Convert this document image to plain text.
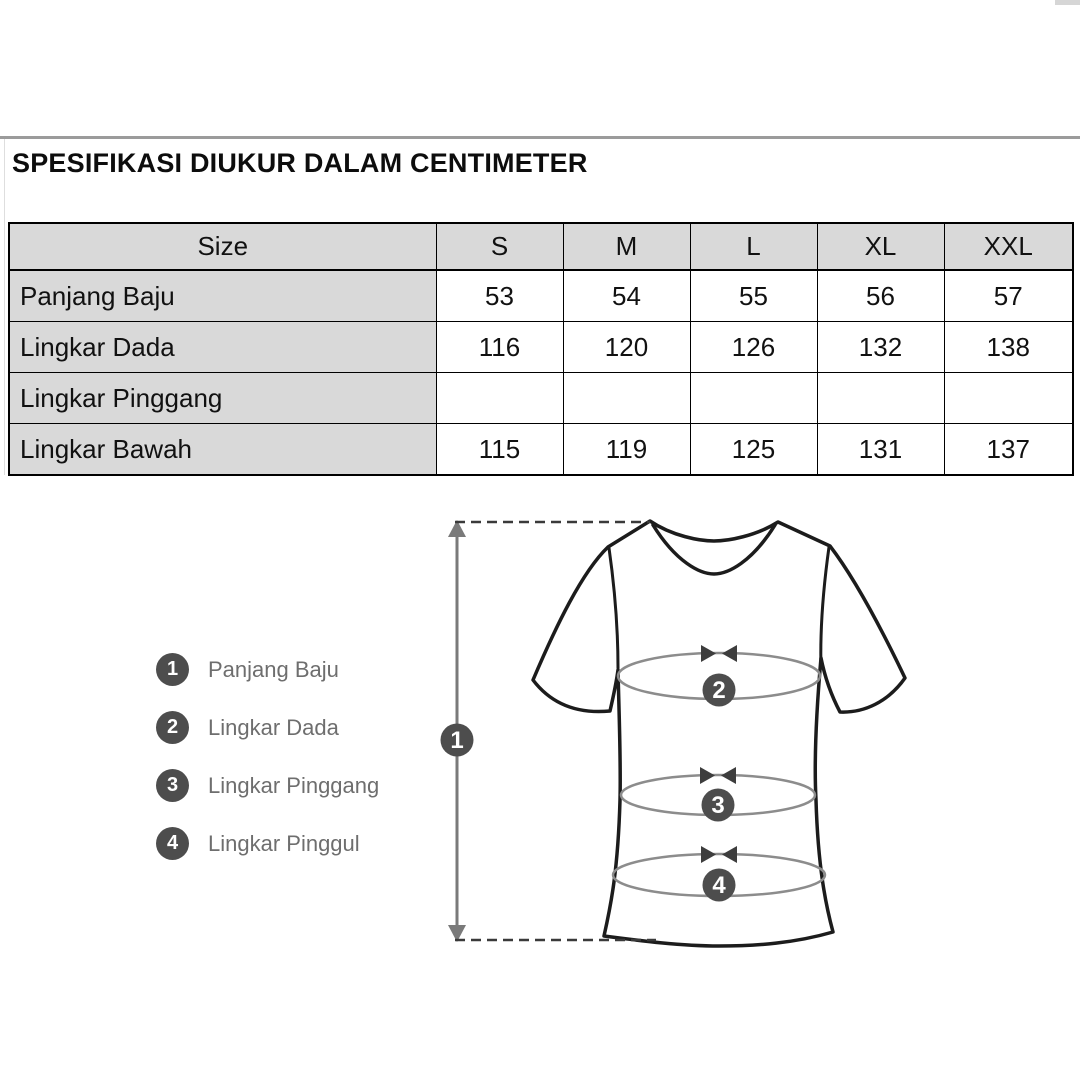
SPESIFIKASI DIUKUR DALAM CENTIMETER
Size	S	M	L	XL	XXL
Panjang Baju	53	54	55	56	57
Lingkar Dada	116	120	126	132	138
Lingkar Pinggang					
Lingkar Bawah	115	119	125	131	137
1	Panjang Baju
2	Lingkar Dada
3	Lingkar Pinggang
4	Lingkar Pinggul
1
2
3
4
